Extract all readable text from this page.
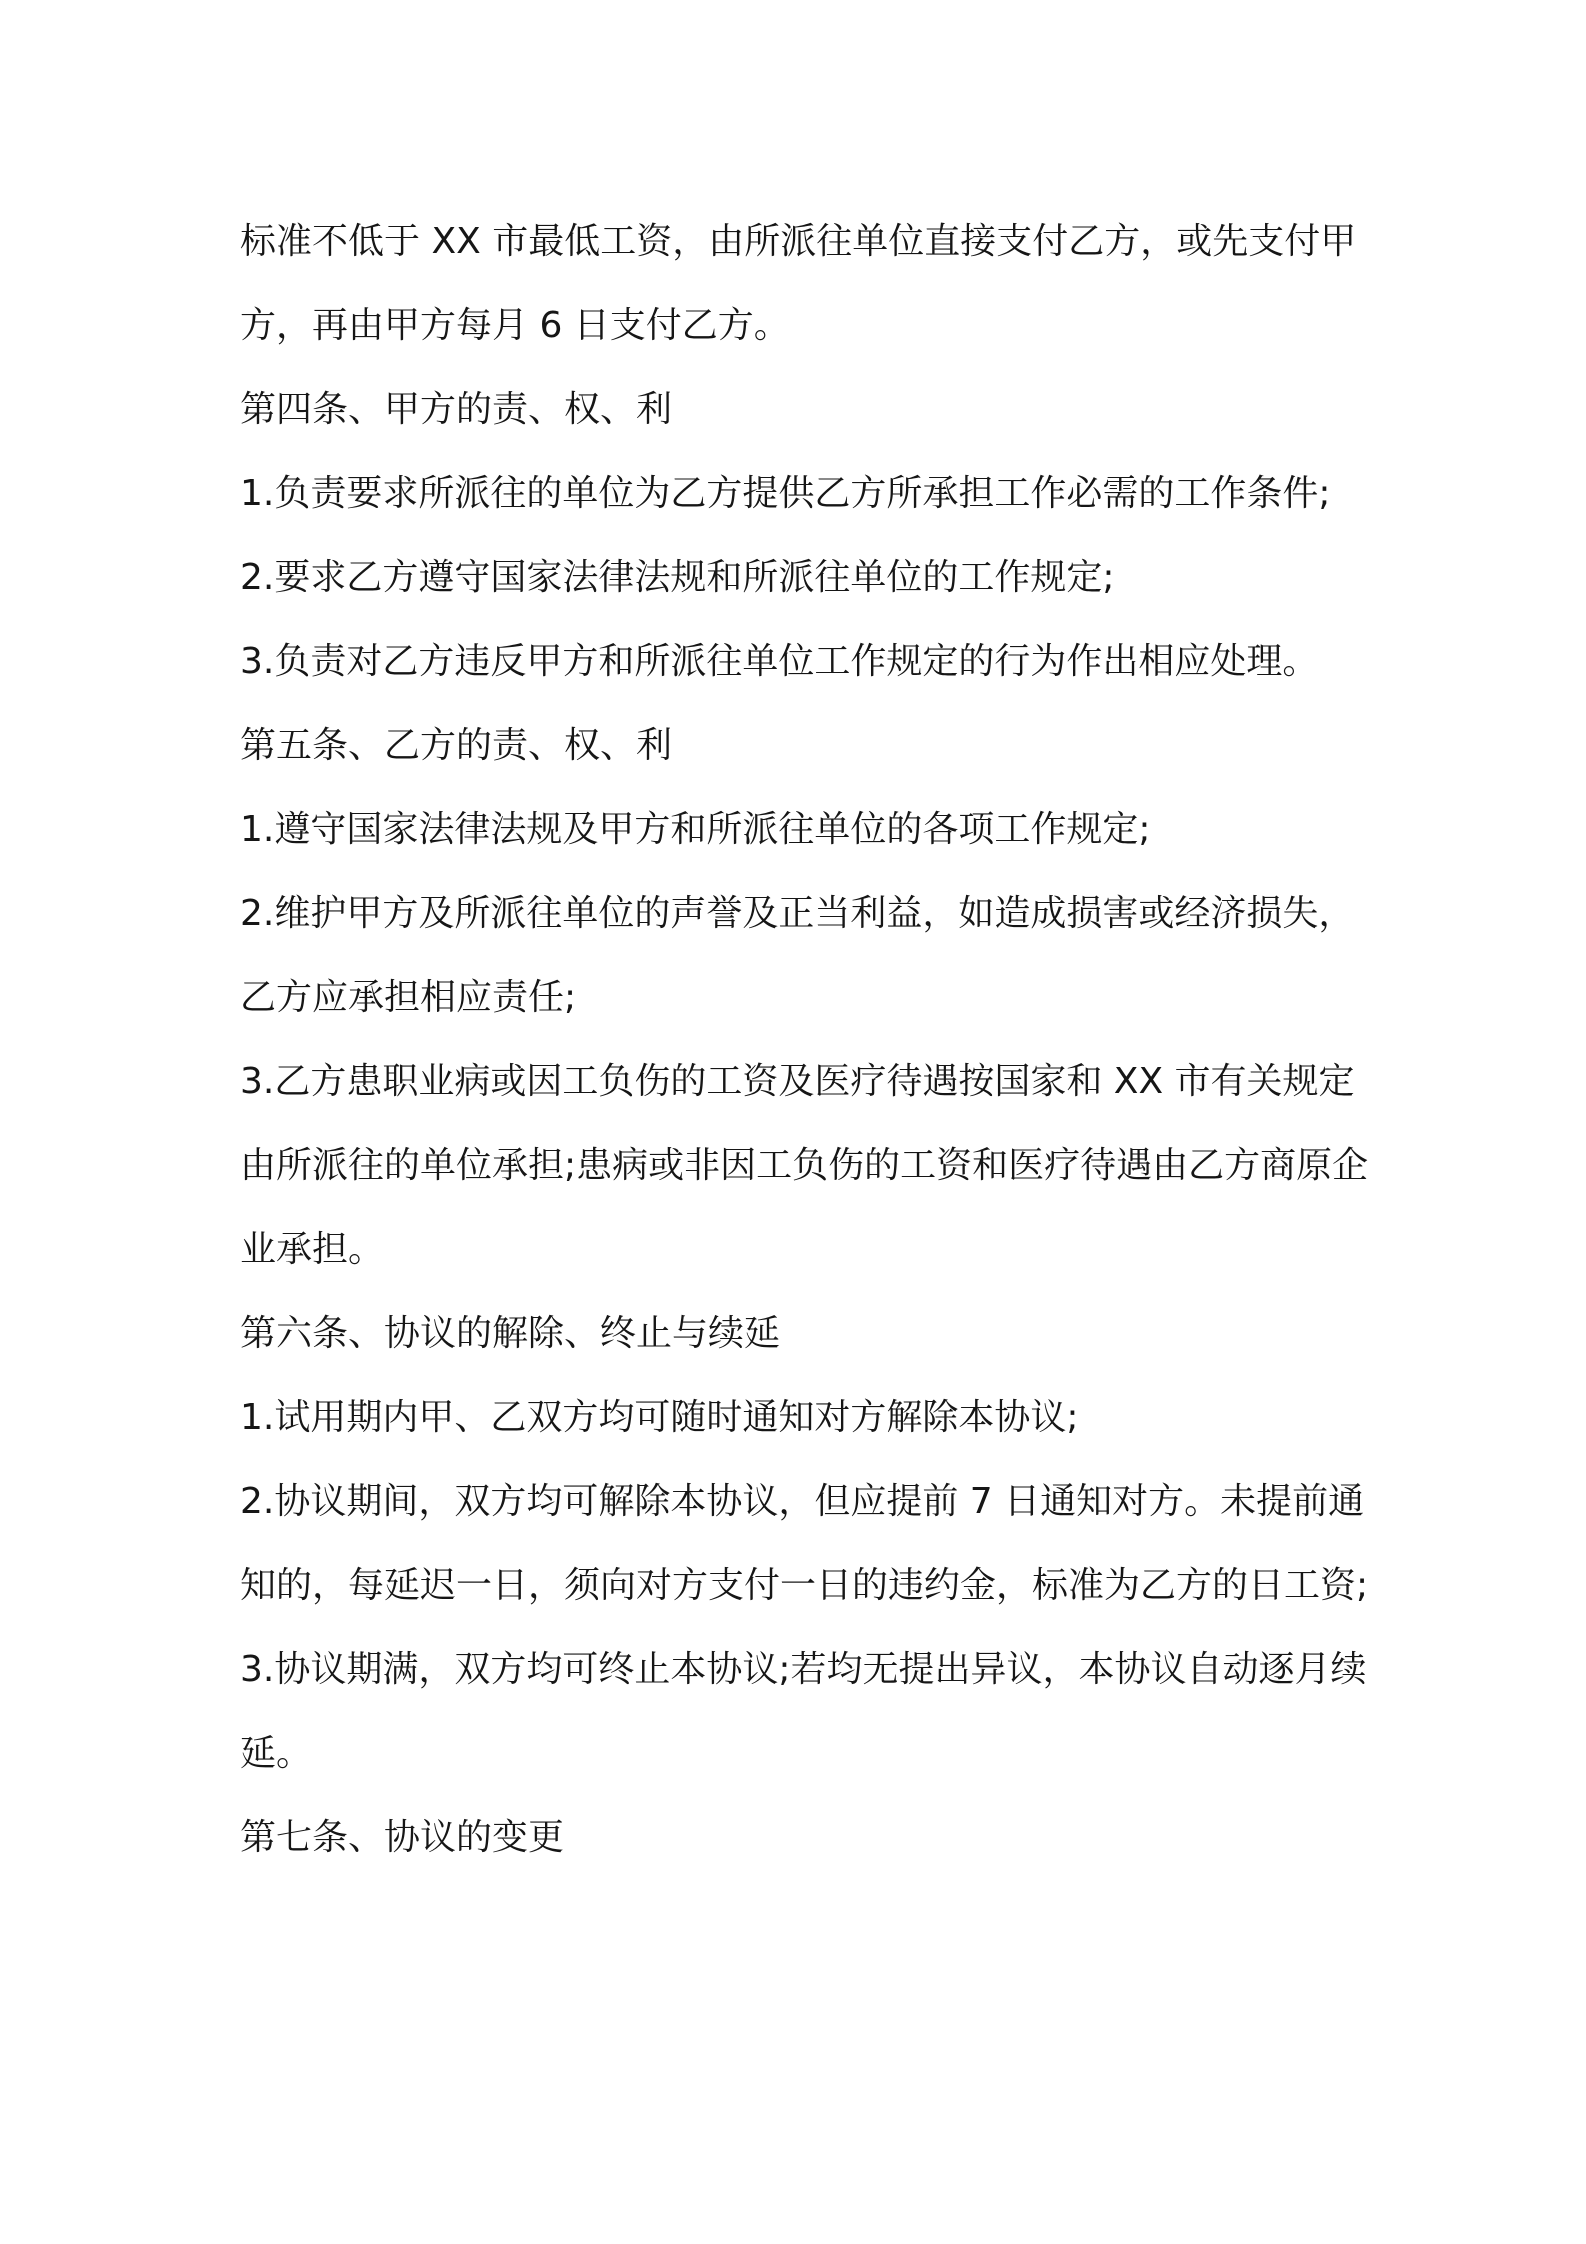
标准不低于 XX 市最低工资，由所派往单位直接支付乙方，或先支付甲方，再由甲方每月 6 日支付乙方。

第四条、甲方的责、权、利

1.负责要求所派往的单位为乙方提供乙方所承担工作必需的工作条件;

2.要求乙方遵守国家法律法规和所派往单位的工作规定;

3.负责对乙方违反甲方和所派往单位工作规定的行为作出相应处理。

第五条、乙方的责、权、利

1.遵守国家法律法规及甲方和所派往单位的各项工作规定;

2.维护甲方及所派往单位的声誉及正当利益，如造成损害或经济损失，乙方应承担相应责任;

3.乙方患职业病或因工负伤的工资及医疗待遇按国家和 XX 市有关规定由所派往的单位承担;患病或非因工负伤的工资和医疗待遇由乙方商原企业承担。

第六条、协议的解除、终止与续延

1.试用期内甲、乙双方均可随时通知对方解除本协议;

2.协议期间，双方均可解除本协议，但应提前 7 日通知对方。未提前通知的，每延迟一日，须向对方支付一日的违约金，标准为乙方的日工资;

3.协议期满，双方均可终止本协议;若均无提出异议，本协议自动逐月续延。

第七条、协议的变更
